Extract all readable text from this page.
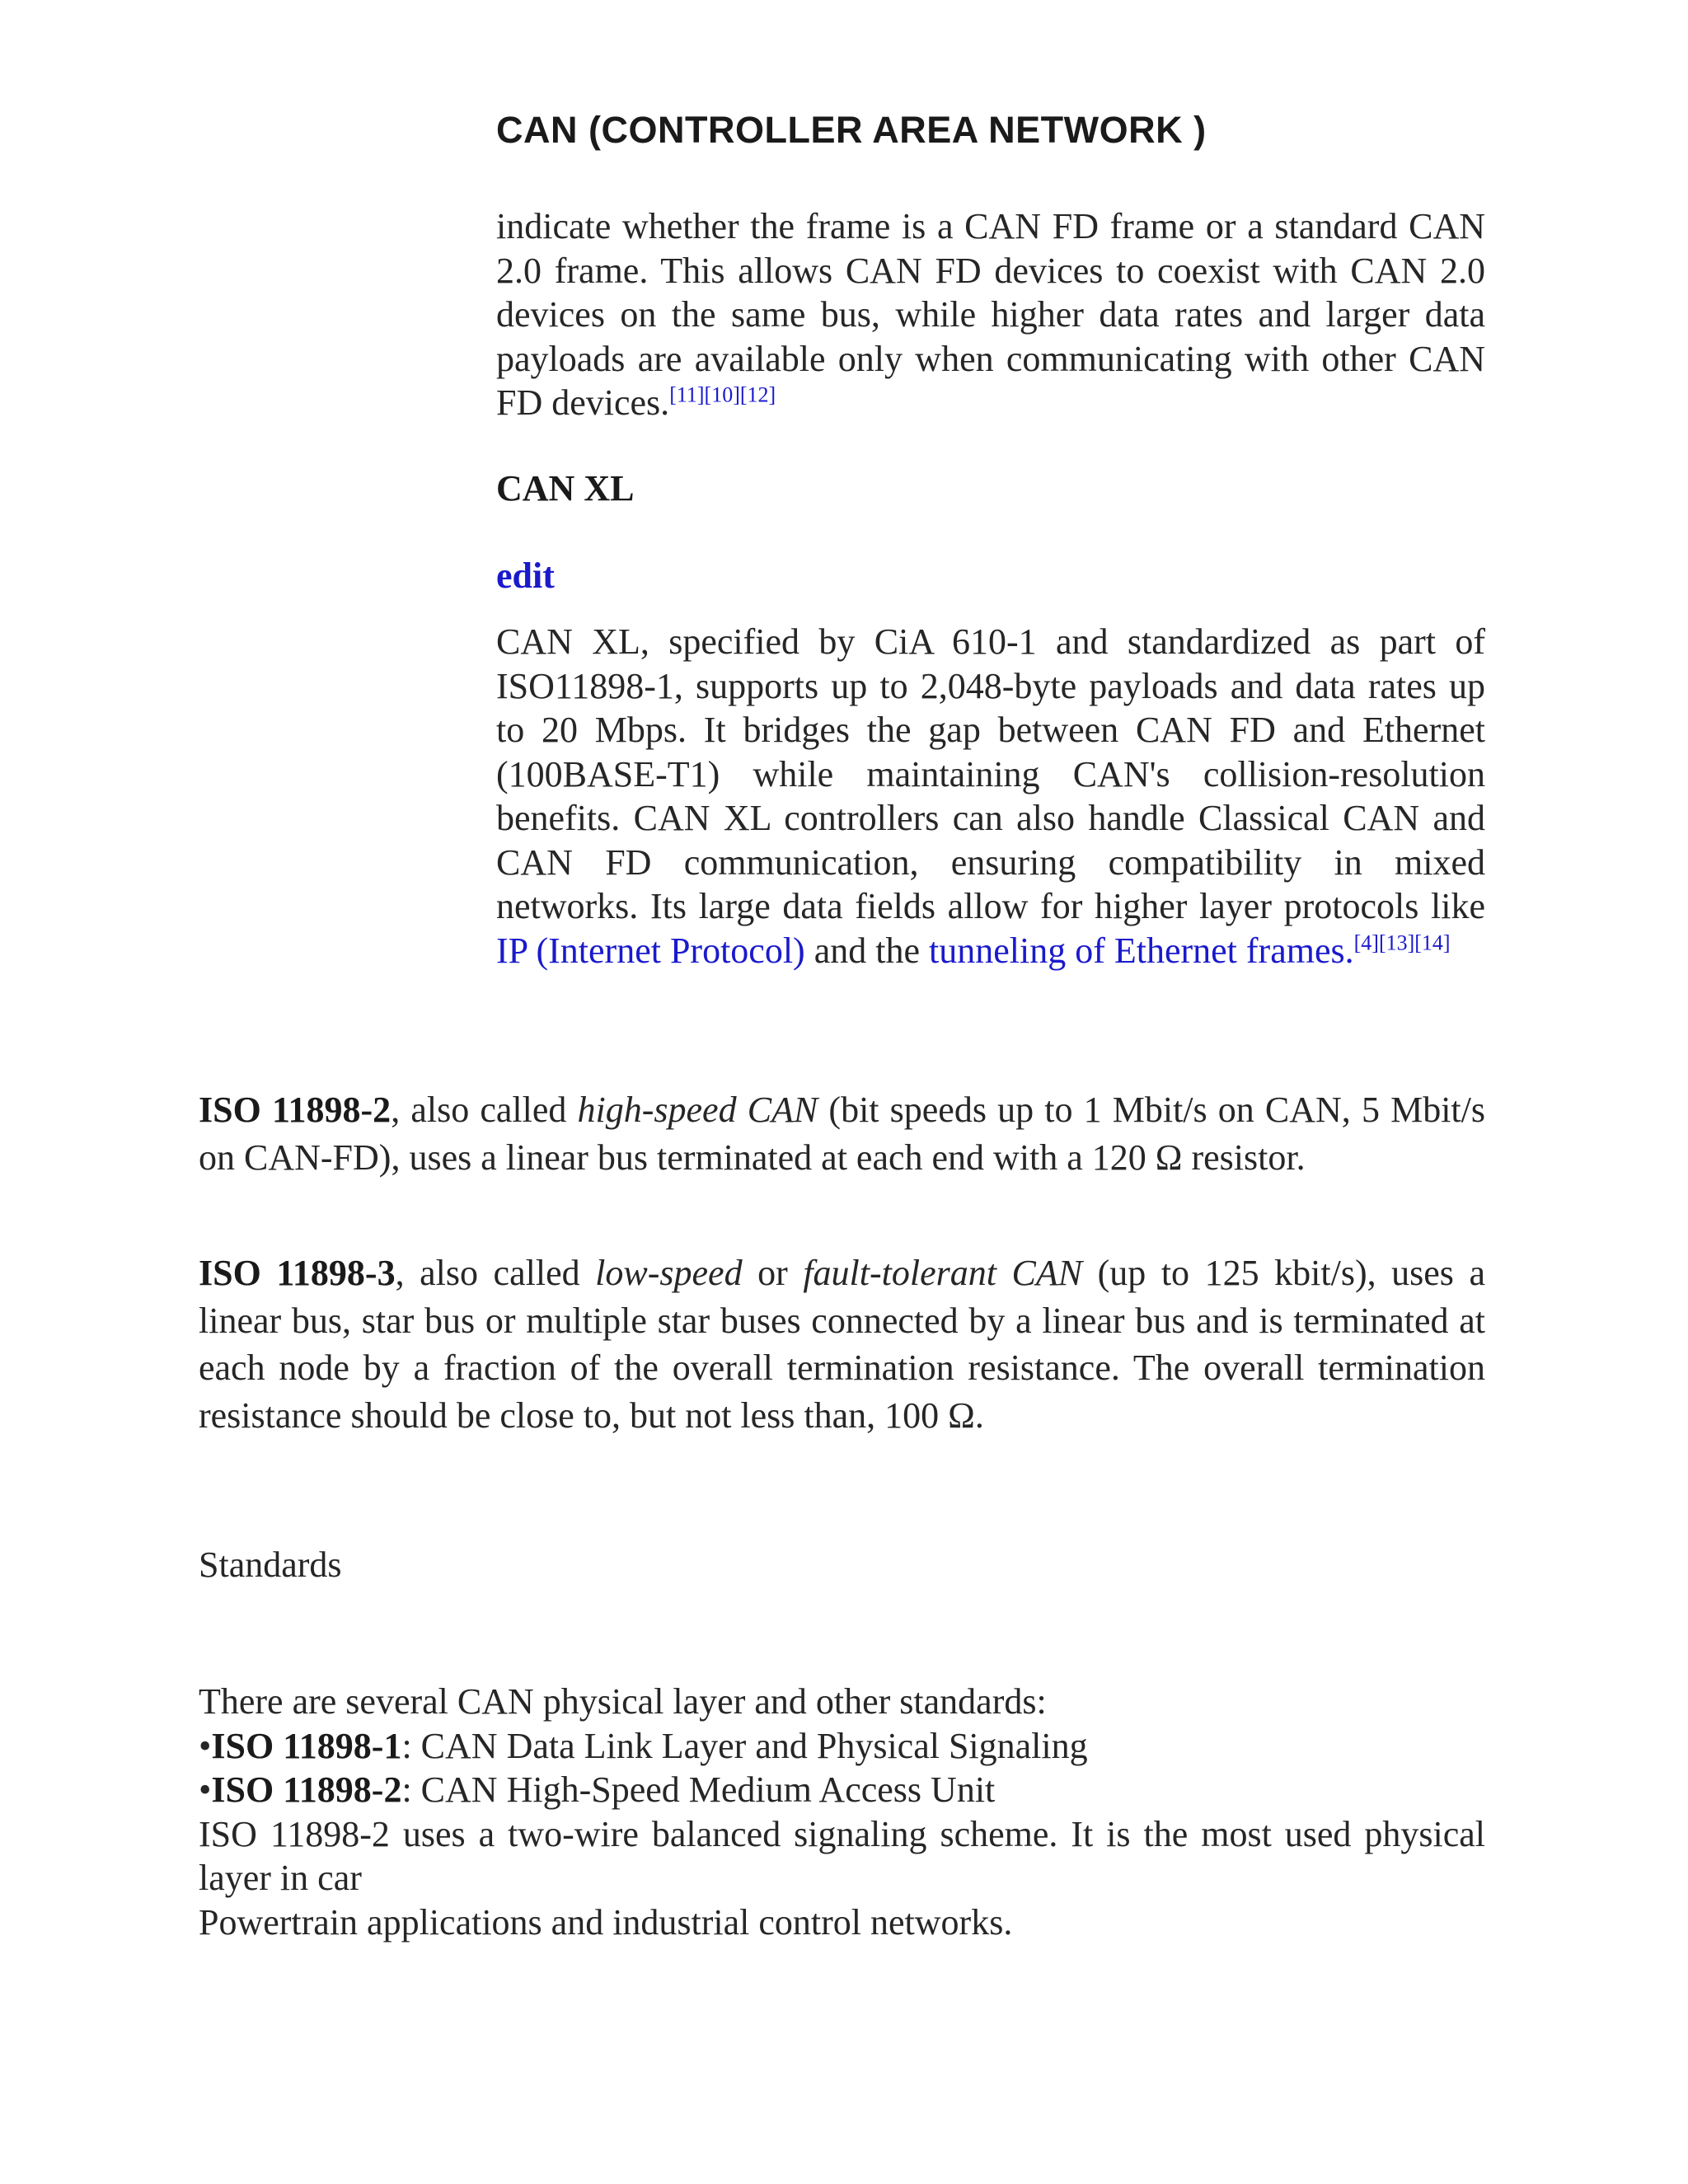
CAN (CONTROLLER AREA NETWORK )

indicate whether the frame is a CAN FD frame or a standard CAN 2.0 frame. This allows CAN FD devices to coexist with CAN 2.0 devices on the same bus, while higher data rates and larger data payloads are available only when communicating with other CAN FD devices.[11][10][12]

CAN XL

edit

CAN XL, specified by CiA 610-1 and standardized as part of ISO11898-1, supports up to 2,048-byte payloads and data rates up to 20 Mbps. It bridges the gap between CAN FD and Ethernet (100BASE-T1) while maintaining CAN's collision-resolution benefits. CAN XL controllers can also handle Classical CAN and CAN FD communication, ensuring compatibility in mixed networks. Its large data fields allow for higher layer protocols like IP (Internet Protocol) and the tunneling of Ethernet frames.[4][13][14]

ISO 11898-2, also called high-speed CAN (bit speeds up to 1 Mbit/s on CAN, 5 Mbit/s on CAN-FD), uses a linear bus terminated at each end with a 120 Ω resistor.

ISO 11898-3, also called low-speed or fault-tolerant CAN (up to 125 kbit/s), uses a linear bus, star bus or multiple star buses connected by a linear bus and is terminated at each node by a fraction of the overall termination resistance. The overall termination resistance should be close to, but not less than, 100 Ω.

Standards

There are several CAN physical layer and other standards:

•ISO 11898-1: CAN Data Link Layer and Physical Signaling

•ISO 11898-2: CAN High-Speed Medium Access Unit

ISO 11898-2 uses a two-wire balanced signaling scheme. It is the most used physical layer in car

Powertrain applications and industrial control networks.
